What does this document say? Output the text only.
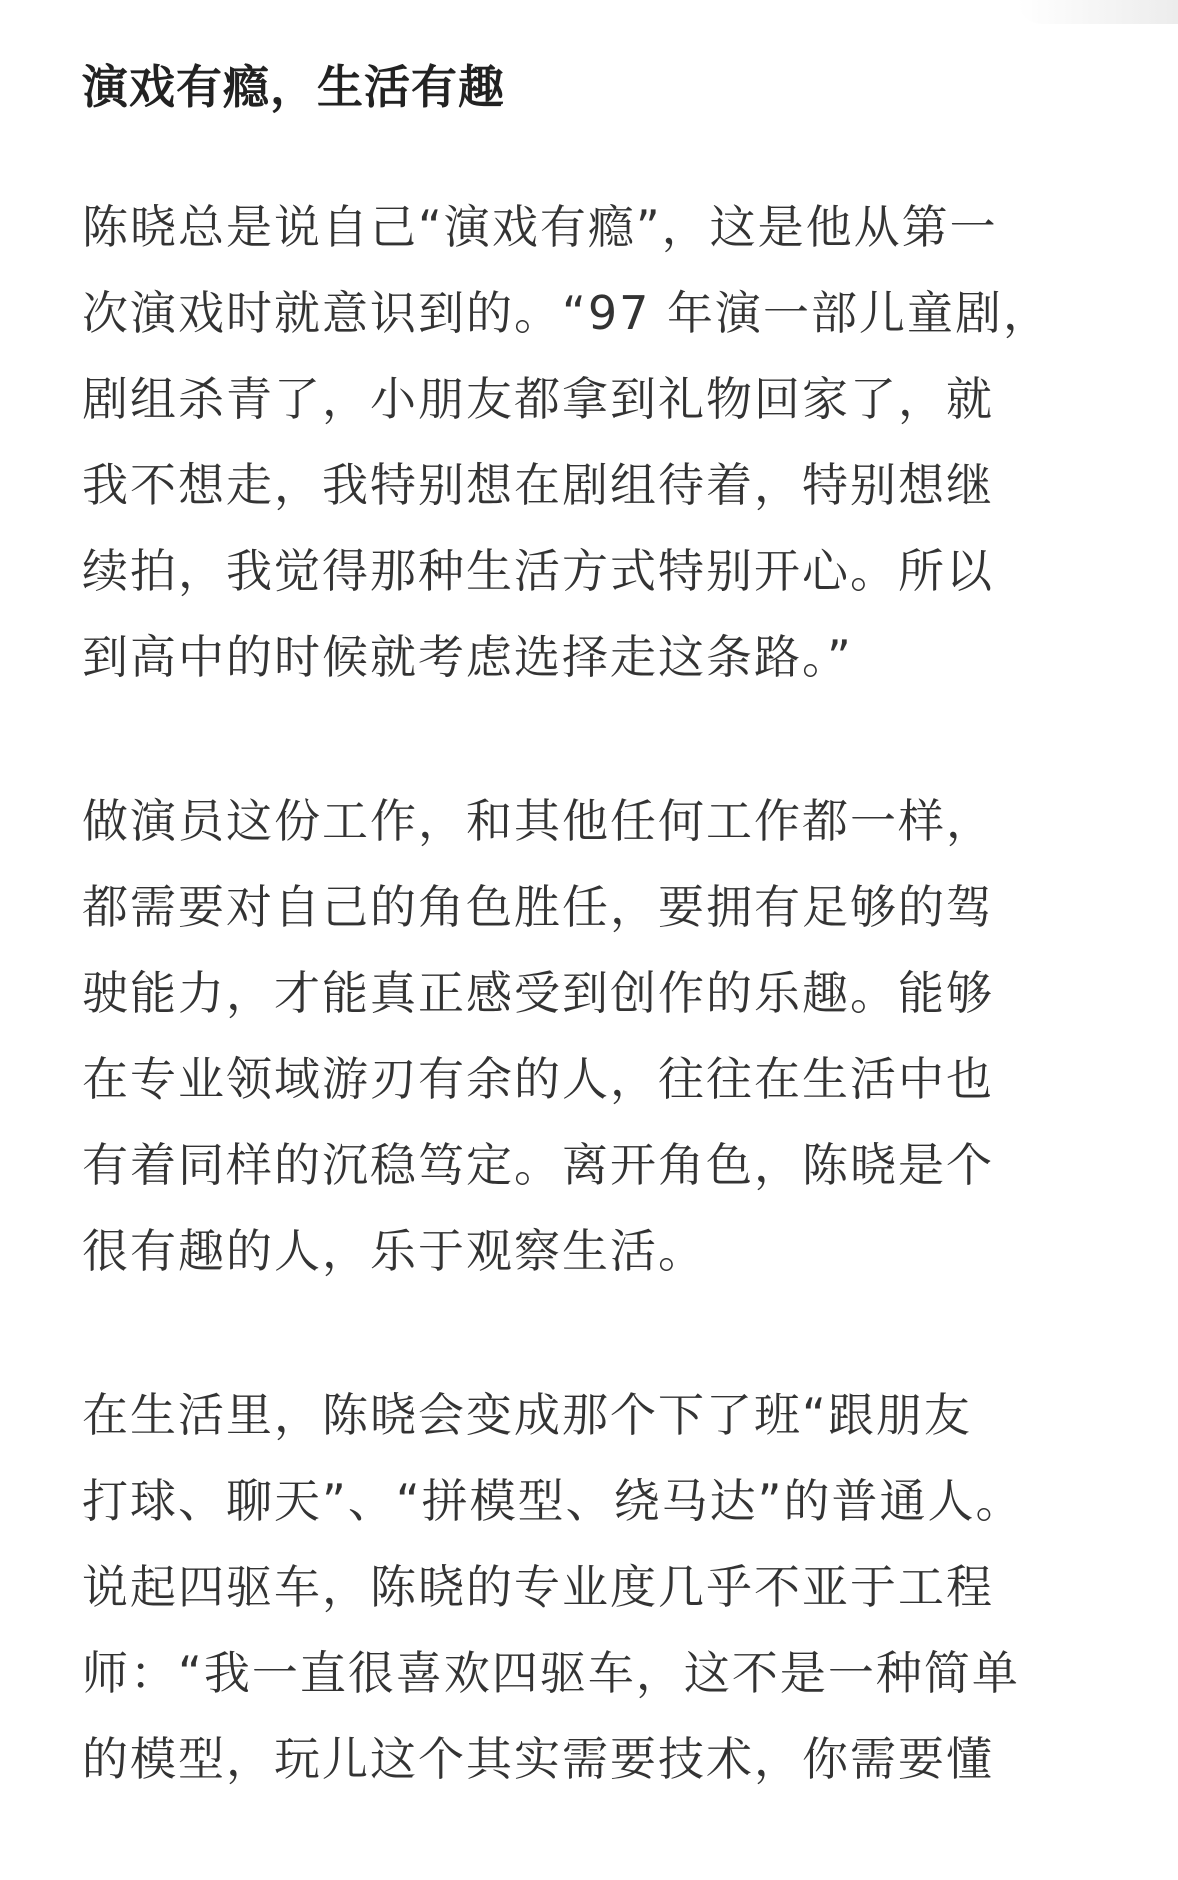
演戏有瘾，生活有趣
陈晓总是说自己“演戏有瘾”，这是他从第一
次演戏时就意识到的。“97 年演一部儿童剧，
剧组杀青了，小朋友都拿到礼物回家了，就
我不想走，我特别想在剧组待着，特别想继
续拍，我觉得那种生活方式特别开心。所以
到高中的时候就考虑选择走这条路。”
做演员这份工作，和其他任何工作都一样，
都需要对自己的角色胜任，要拥有足够的驾
驶能力，才能真正感受到创作的乐趣。能够
在专业领域游刃有余的人，往往在生活中也
有着同样的沉稳笃定。离开角色，陈晓是个
很有趣的人，乐于观察生活。
在生活里，陈晓会变成那个下了班“跟朋友
打球、聊天”、“拼模型、绕马达”的普通人。
说起四驱车，陈晓的专业度几乎不亚于工程
师：“我一直很喜欢四驱车，这不是一种简单
的模型，玩儿这个其实需要技术，你需要懂
